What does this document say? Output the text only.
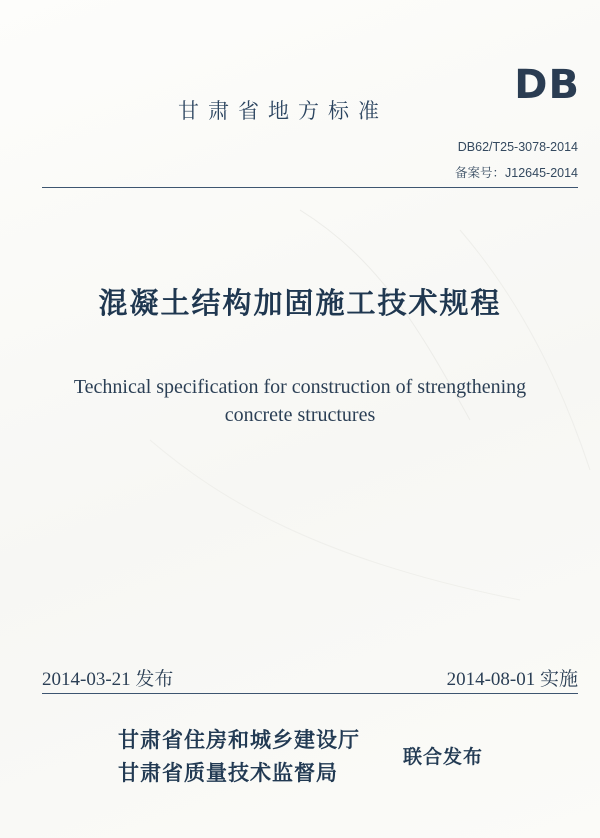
甘肃省地方标准
DB
DB62/T25-3078-2014
备案号：J12645-2014
混凝土结构加固施工技术规程
Technical specification for construction of strengthening
concrete structures
2014-03-21 发布	2014-08-01 实施
甘肃省住房和城乡建设厅
甘肃省质量技术监督局
联合发布
